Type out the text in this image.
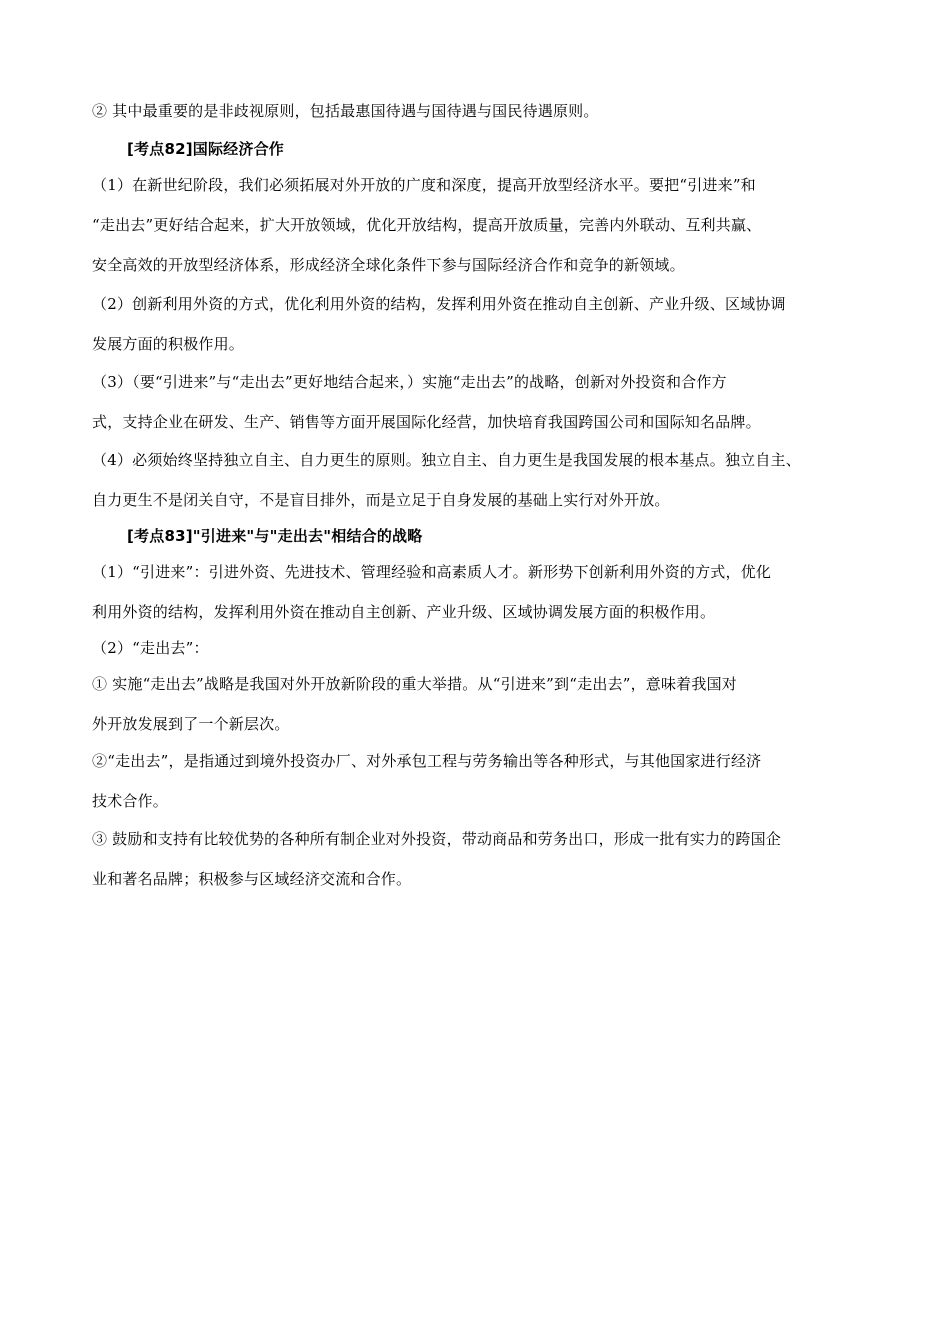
② 其中最重要的是非歧视原则，包括最惠国待遇与国待遇与国民待遇原则。
[考点82]国际经济合作
（1）在新世纪阶段，我们必须拓展对外开放的广度和深度，提高开放型经济水平。要把“引进来”和
“走出去”更好结合起来，扩大开放领域，优化开放结构，提高开放质量，完善内外联动、互利共赢、
安全高效的开放型经济体系，形成经济全球化条件下参与国际经济合作和竞争的新领域。
（2）创新利用外资的方式，优化利用外资的结构，发挥利用外资在推动自主创新、产业升级、区域协调
发展方面的积极作用。
（3）（要“引进来”与“走出去”更好地结合起来，）实施“走出去”的战略，创新对外投资和合作方
式，支持企业在研发、生产、销售等方面开展国际化经营，加快培育我国跨国公司和国际知名品牌。
（4）必须始终坚持独立自主、自力更生的原则。独立自主、自力更生是我国发展的根本基点。独立自主、
自力更生不是闭关自守，不是盲目排外，而是立足于自身发展的基础上实行对外开放。
[考点83]"引进来"与"走出去"相结合的战略
（1）“引进来”：引进外资、先进技术、管理经验和高素质人才。新形势下创新利用外资的方式，优化
利用外资的结构，发挥利用外资在推动自主创新、产业升级、区域协调发展方面的积极作用。
（2）“走出去”：
① 实施“走出去”战略是我国对外开放新阶段的重大举措。从“引进来”到“走出去”，意味着我国对
外开放发展到了一个新层次。
②“走出去”，是指通过到境外投资办厂、对外承包工程与劳务输出等各种形式，与其他国家进行经济
技术合作。
③ 鼓励和支持有比较优势的各种所有制企业对外投资，带动商品和劳务出口，形成一批有实力的跨国企
业和著名品牌；积极参与区域经济交流和合作。
